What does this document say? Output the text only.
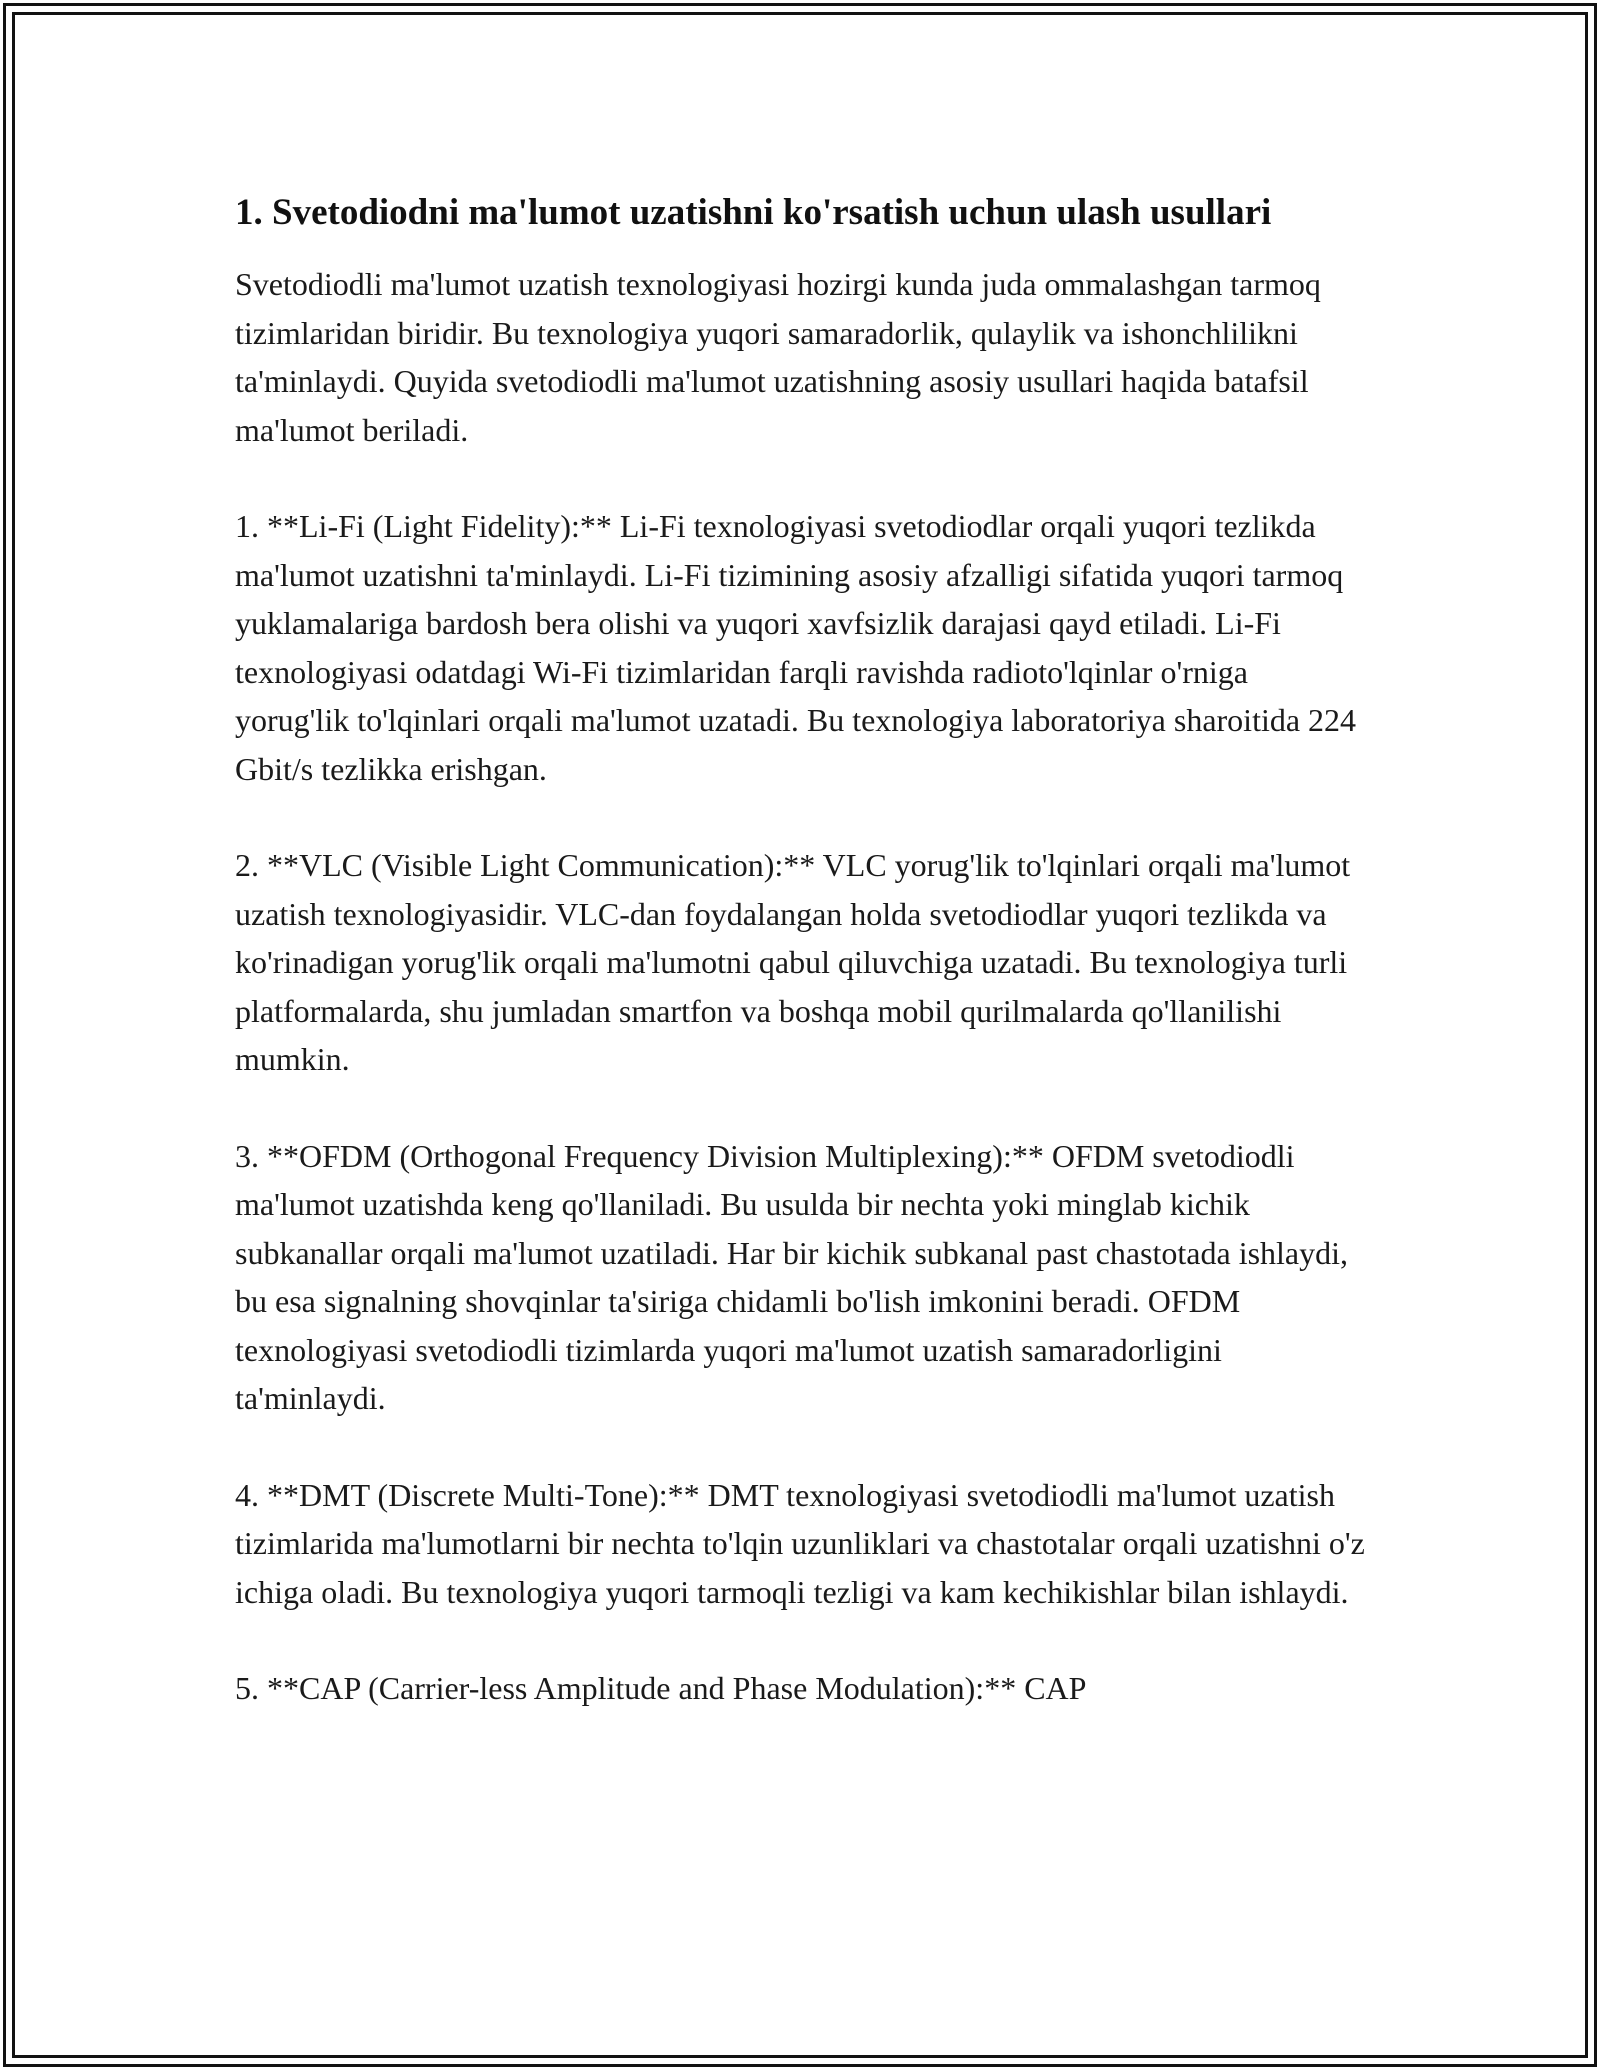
1. Svetodiodni ma'lumot uzatishni ko'rsatish uchun ulash usullari

Svetodiodli ma'lumot uzatish texnologiyasi hozirgi kunda juda ommalashgan tarmoq tizimlaridan biridir. Bu texnologiya yuqori samaradorlik, qulaylik va ishonchlilikni ta'minlaydi. Quyida svetodiodli ma'lumot uzatishning asosiy usullari haqida batafsil ma'lumot beriladi.

1. **Li-Fi (Light Fidelity):** Li-Fi texnologiyasi svetodiodlar orqali yuqori tezlikda ma'lumot uzatishni ta'minlaydi. Li-Fi tizimining asosiy afzalligi sifatida yuqori tarmoq yuklamalariga bardosh bera olishi va yuqori xavfsizlik darajasi qayd etiladi. Li-Fi texnologiyasi odatdagi Wi-Fi tizimlaridan farqli ravishda radioto'lqinlar o'rniga yorug'lik to'lqinlari orqali ma'lumot uzatadi. Bu texnologiya laboratoriya sharoitida 224 Gbit/s tezlikka erishgan.

2. **VLC (Visible Light Communication):** VLC yorug'lik to'lqinlari orqali ma'lumot uzatish texnologiyasidir. VLC-dan foydalangan holda svetodiodlar yuqori tezlikda va ko'rinadigan yorug'lik orqali ma'lumotni qabul qiluvchiga uzatadi. Bu texnologiya turli platformalarda, shu jumladan smartfon va boshqa mobil qurilmalarda qo'llanilishi mumkin.

3. **OFDM (Orthogonal Frequency Division Multiplexing):** OFDM svetodiodli ma'lumot uzatishda keng qo'llaniladi. Bu usulda bir nechta yoki minglab kichik subkanallar orqali ma'lumot uzatiladi. Har bir kichik subkanal past chastotada ishlaydi, bu esa signalning shovqinlar ta'siriga chidamli bo'lish imkonini beradi. OFDM texnologiyasi svetodiodli tizimlarda yuqori ma'lumot uzatish samaradorligini ta'minlaydi.

4. **DMT (Discrete Multi-Tone):** DMT texnologiyasi svetodiodli ma'lumot uzatish tizimlarida ma'lumotlarni bir nechta to'lqin uzunliklari va chastotalar orqali uzatishni o'z ichiga oladi. Bu texnologiya yuqori tarmoqli tezligi va kam kechikishlar bilan ishlaydi.

5. **CAP (Carrier-less Amplitude and Phase Modulation):** CAP
